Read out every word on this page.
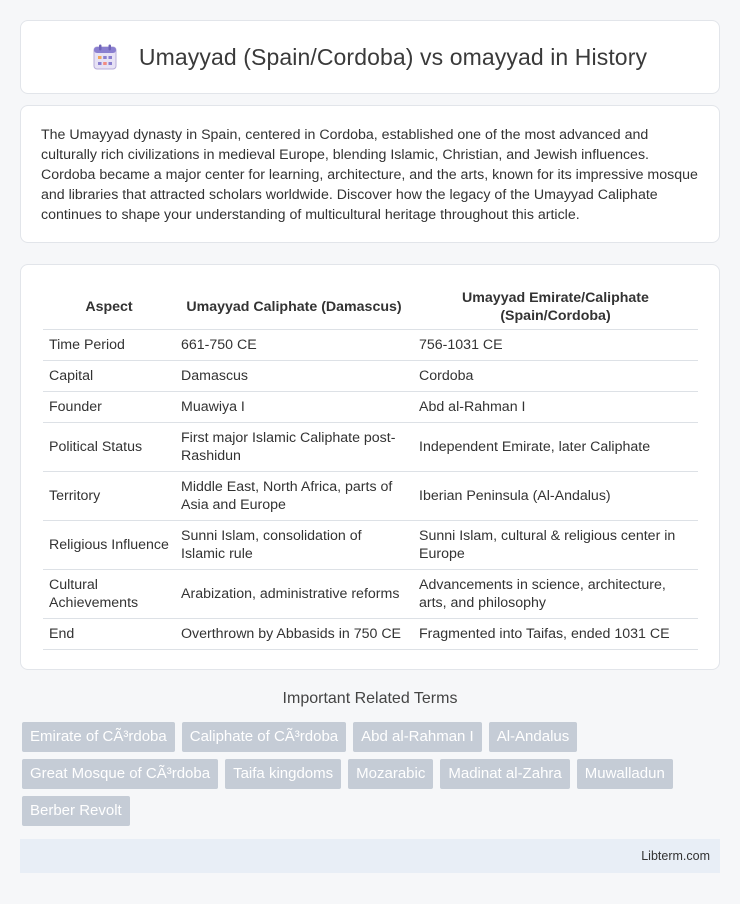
Umayyad (Spain/Cordoba) vs omayyad in History

The Umayyad dynasty in Spain, centered in Cordoba, established one of the most advanced and culturally rich civilizations in medieval Europe, blending Islamic, Christian, and Jewish influences. Cordoba became a major center for learning, architecture, and the arts, known for its impressive mosque and libraries that attracted scholars worldwide. Discover how the legacy of the Umayyad Caliphate continues to shape your understanding of multicultural heritage throughout this article.

Aspect	Umayyad Caliphate (Damascus)	Umayyad Emirate/Caliphate (Spain/Cordoba)
Time Period	661-750 CE	756-1031 CE
Capital	Damascus	Cordoba
Founder	Muawiya I	Abd al-Rahman I
Political Status	First major Islamic Caliphate post-Rashidun	Independent Emirate, later Caliphate
Territory	Middle East, North Africa, parts of Asia and Europe	Iberian Peninsula (Al-Andalus)
Religious Influence	Sunni Islam, consolidation of Islamic rule	Sunni Islam, cultural & religious center in Europe
Cultural Achievements	Arabization, administrative reforms	Advancements in science, architecture, arts, and philosophy
End	Overthrown by Abbasids in 750 CE	Fragmented into Taifas, ended 1031 CE
Important Related Terms
Emirate of CÃ³rdoba	Caliphate of CÃ³rdoba	Abd al-Rahman I	Al-Andalus
Great Mosque of CÃ³rdoba	Taifa kingdoms	Mozarabic	Madinat al-Zahra	Muwalladun
Berber Revolt
Libterm.com
